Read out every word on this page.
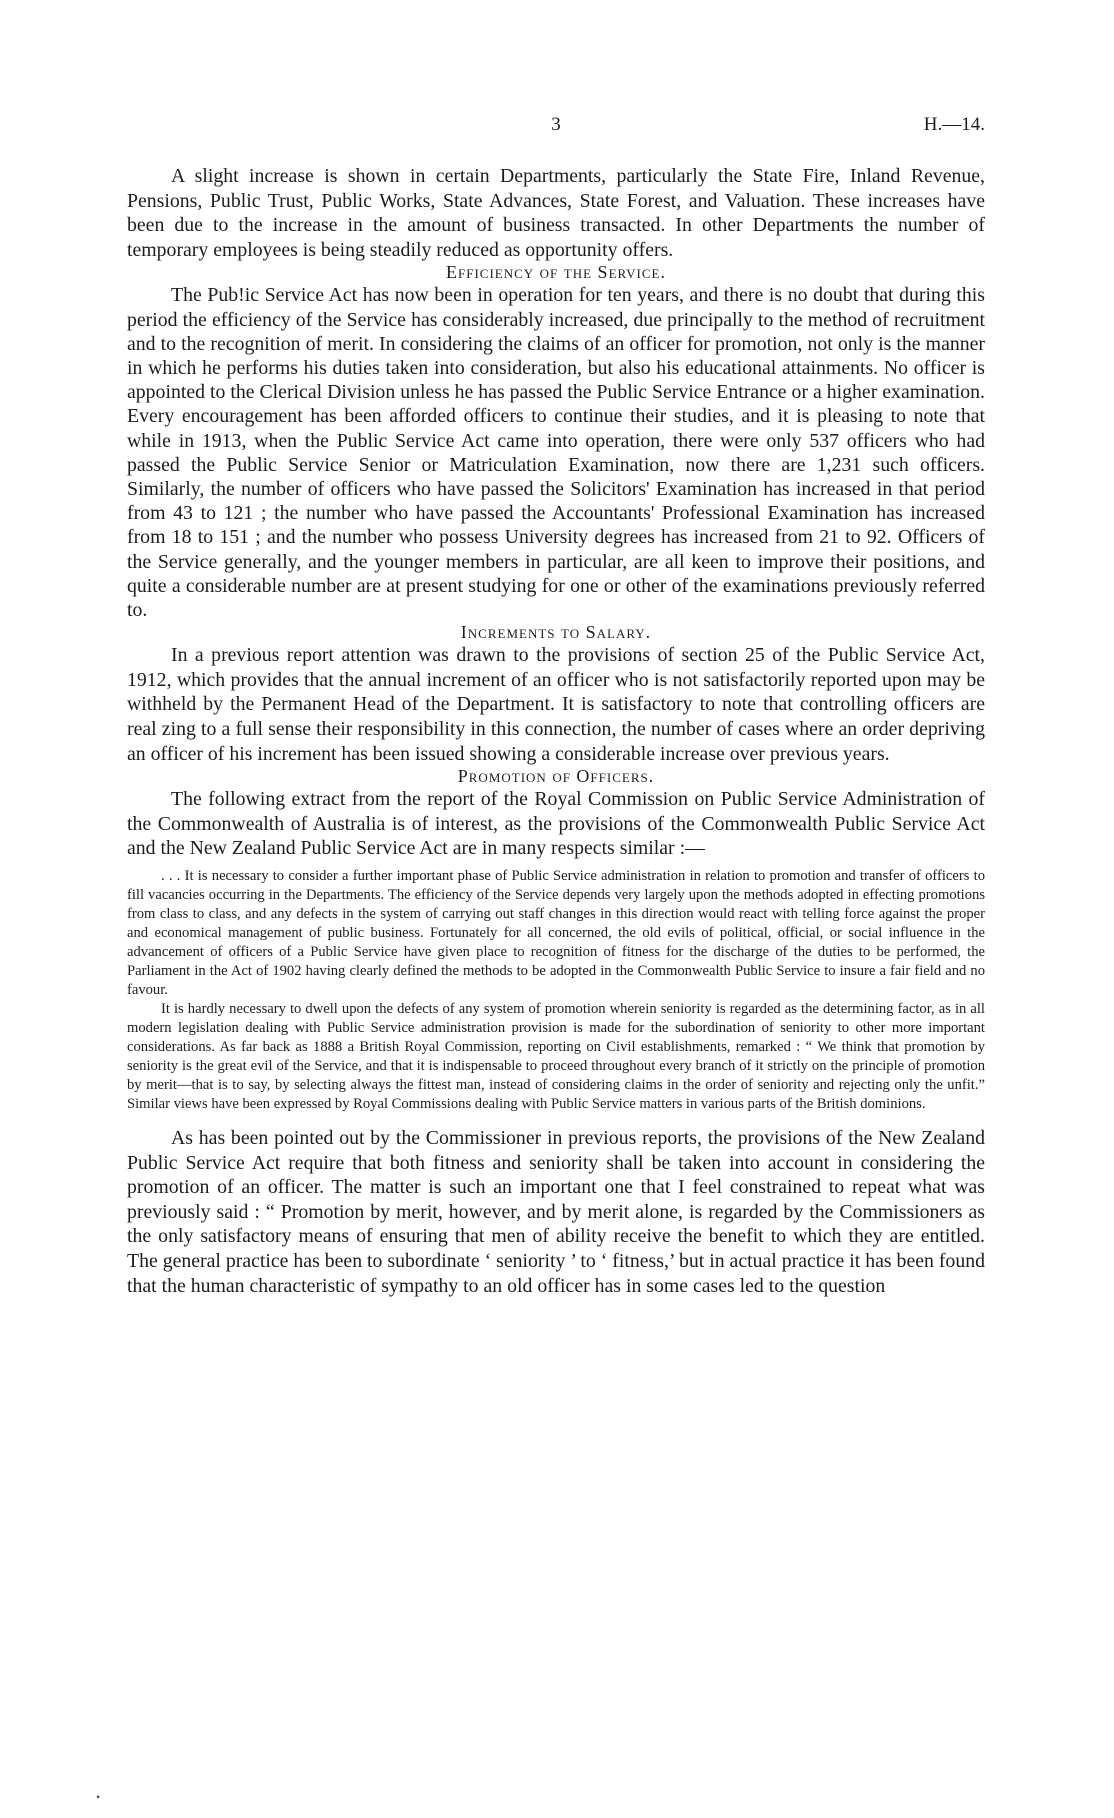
3	H.—14.

A slight increase is shown in certain Departments, particularly the State Fire, Inland Revenue, Pensions, Public Trust, Public Works, State Advances, State Forest, and Valuation. These increases have been due to the increase in the amount of business transacted. In other Departments the number of temporary employees is being steadily reduced as opportunity offers.

Efficiency of the Service.

The Pub!ic Service Act has now been in operation for ten years, and there is no doubt that during this period the efficiency of the Service has considerably increased, due principally to the method of recruitment and to the recognition of merit. In considering the claims of an officer for promotion, not only is the manner in which he performs his duties taken into consideration, but also his educational attainments. No officer is appointed to the Clerical Division unless he has passed the Public Service Entrance or a higher examination. Every encouragement has been afforded officers to continue their studies, and it is pleasing to note that while in 1913, when the Public Service Act came into operation, there were only 537 officers who had passed the Public Service Senior or Matriculation Examination, now there are 1,231 such officers. Similarly, the number of officers who have passed the Solicitors' Examination has increased in that period from 43 to 121 ; the number who have passed the Accountants' Professional Examination has increased from 18 to 151 ; and the number who possess University degrees has increased from 21 to 92. Officers of the Service generally, and the younger members in particular, are all keen to improve their positions, and quite a considerable number are at present studying for one or other of the examinations previously referred to.

Increments to Salary.

In a previous report attention was drawn to the provisions of section 25 of the Public Service Act, 1912, which provides that the annual increment of an officer who is not satisfactorily reported upon may be withheld by the Permanent Head of the Department. It is satisfactory to note that controlling officers are real zing to a full sense their responsibility in this connection, the number of cases where an order depriving an officer of his increment has been issued showing a considerable increase over previous years.

Promotion of Officers.

The following extract from the report of the Royal Commission on Public Service Administration of the Commonwealth of Australia is of interest, as the provisions of the Commonwealth Public Service Act and the New Zealand Public Service Act are in many respects similar :—

. . . It is necessary to consider a further important phase of Public Service administration in relation to promotion and transfer of officers to fill vacancies occurring in the Departments. The efficiency of the Service depends very largely upon the methods adopted in effecting promotions from class to class, and any defects in the system of carrying out staff changes in this direction would react with telling force against the proper and economical management of public business. Fortunately for all concerned, the old evils of political, official, or social influence in the advancement of officers of a Public Service have given place to recognition of fitness for the discharge of the duties to be performed, the Parliament in the Act of 1902 having clearly defined the methods to be adopted in the Commonwealth Public Service to insure a fair field and no favour.

It is hardly necessary to dwell upon the defects of any system of promotion wherein seniority is regarded as the determining factor, as in all modern legislation dealing with Public Service administration provision is made for the subordination of seniority to other more important considerations. As far back as 1888 a British Royal Commission, reporting on Civil establishments, remarked : “ We think that promotion by seniority is the great evil of the Service, and that it is indispensable to proceed throughout every branch of it strictly on the principle of promotion by merit—that is to say, by selecting always the fittest man, instead of considering claims in the order of seniority and rejecting only the unfit.” Similar views have been expressed by Royal Commissions dealing with Public Service matters in various parts of the British dominions.

As has been pointed out by the Commissioner in previous reports, the provisions of the New Zealand Public Service Act require that both fitness and seniority shall be taken into account in considering the promotion of an officer. The matter is such an important one that I feel constrained to repeat what was previously said : “ Promotion by merit, however, and by merit alone, is regarded by the Commissioners as the only satisfactory means of ensuring that men of ability receive the benefit to which they are entitled. The general practice has been to subordinate ‘ seniority ’ to ‘ fitness,’ but in actual practice it has been found that the human characteristic of sympathy to an old officer has in some cases led to the question

•
